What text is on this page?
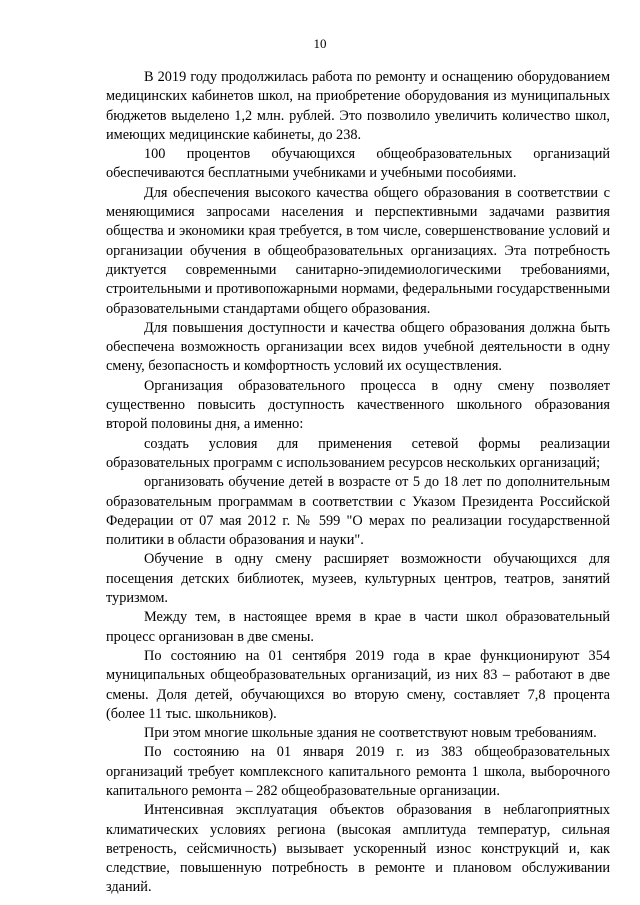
10

В 2019 году продолжилась работа по ремонту и оснащению оборудованием медицинских кабинетов школ, на приобретение оборудования из муниципальных бюджетов выделено 1,2 млн. рублей. Это позволило увеличить количество школ, имеющих медицинские кабинеты, до 238.

100 процентов обучающихся общеобразовательных организаций обеспечиваются бесплатными учебниками и учебными пособиями.

Для обеспечения высокого качества общего образования в соответствии с меняющимися запросами населения и перспективными задачами развития общества и экономики края требуется, в том числе, совершенствование условий и организации обучения в общеобразовательных организациях. Эта потребность диктуется современными санитарно-эпидемиологическими требованиями, строительными и противопожарными нормами, федеральными государственными образовательными стандартами общего образования.

Для повышения доступности и качества общего образования должна быть обеспечена возможность организации всех видов учебной деятельности в одну смену, безопасность и комфортность условий их осуществления.

Организация образовательного процесса в одну смену позволяет существенно повысить доступность качественного школьного образования второй половины дня, а именно:

создать условия для применения сетевой формы реализации образовательных программ с использованием ресурсов нескольких организаций;

организовать обучение детей в возрасте от 5 до 18 лет по дополнительным образовательным программам в соответствии с Указом Президента Российской Федерации от 07 мая 2012 г. № 599 "О мерах по реализации государственной политики в области образования и науки".

Обучение в одну смену расширяет возможности обучающихся для посещения детских библиотек, музеев, культурных центров, театров, занятий туризмом.

Между тем, в настоящее время в крае в части школ образовательный процесс организован в две смены.

По состоянию на 01 сентября 2019 года в крае функционируют 354 муниципальных общеобразовательных организаций, из них 83 – работают в две смены. Доля детей, обучающихся во вторую смену, составляет 7,8 процента (более 11 тыс. школьников).

При этом многие школьные здания не соответствуют новым требованиям.

По состоянию на 01 января 2019 г. из 383 общеобразовательных организаций требует комплексного капитального ремонта 1 школа, выборочного капитального ремонта – 282 общеобразовательные организации.

Интенсивная эксплуатация объектов образования в неблагоприятных климатических условиях региона (высокая амплитуда температур, сильная ветреность, сейсмичность) вызывает ускоренный износ конструкций и, как следствие, повышенную потребность в ремонте и плановом обслуживании зданий.
